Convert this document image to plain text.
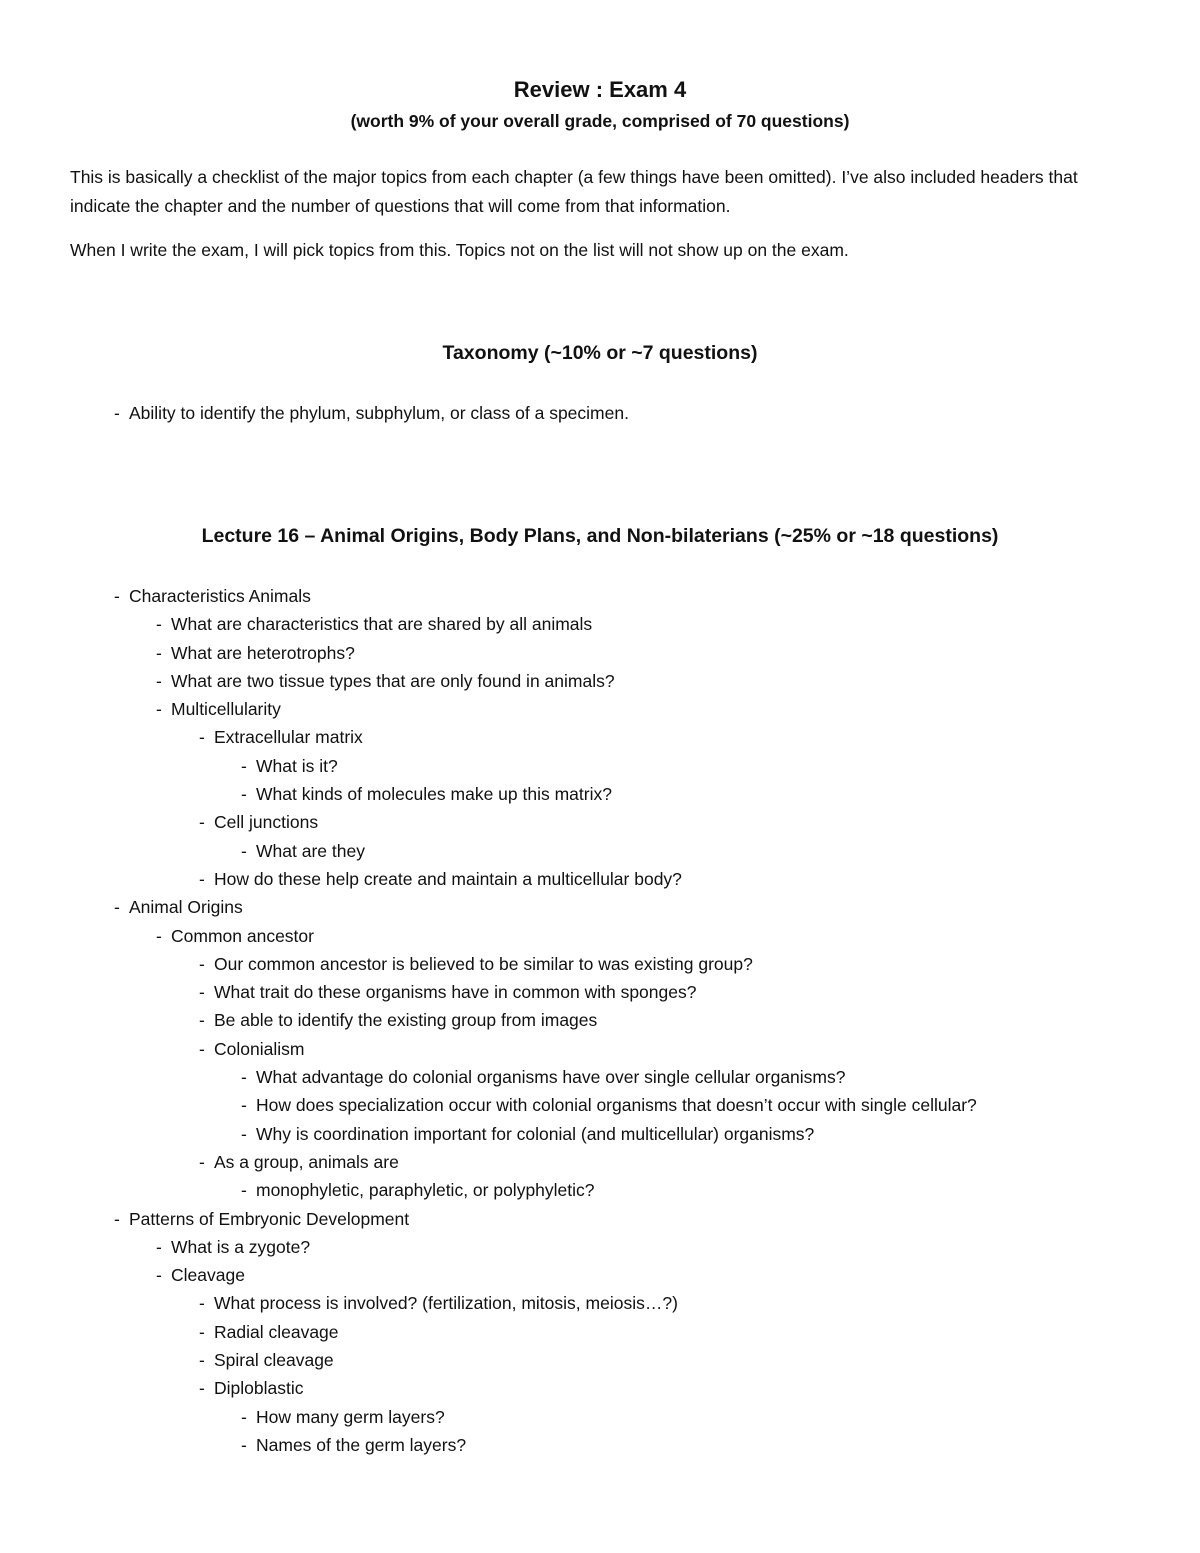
Review : Exam 4
(worth 9% of your overall grade, comprised of 70 questions)

This is basically a checklist of the major topics from each chapter (a few things have been omitted). I’ve also included headers that indicate the chapter and the number of questions that will come from that information.

When I write the exam, I will pick topics from this. Topics not on the list will not show up on the exam.

Taxonomy (~10% or ~7 questions)
- Ability to identify the phylum, subphylum, or class of a specimen.
Lecture 16 – Animal Origins, Body Plans, and Non-bilaterians (~25% or ~18 questions)
- Characteristics Animals
- What are characteristics that are shared by all animals
- What are heterotrophs?
- What are two tissue types that are only found in animals?
- Multicellularity
- Extracellular matrix
- What is it?
- What kinds of molecules make up this matrix?
- Cell junctions
- What are they
- How do these help create and maintain a multicellular body?
- Animal Origins
- Common ancestor
- Our common ancestor is believed to be similar to was existing group?
- What trait do these organisms have in common with sponges?
- Be able to identify the existing group from images
- Colonialism
- What advantage do colonial organisms have over single cellular organisms?
- How does specialization occur with colonial organisms that doesn’t occur with single cellular?
- Why is coordination important for colonial (and multicellular) organisms?
- As a group, animals are
- monophyletic, paraphyletic, or polyphyletic?
- Patterns of Embryonic Development
- What is a zygote?
- Cleavage
- What process is involved? (fertilization, mitosis, meiosis…?)
- Radial cleavage
- Spiral cleavage
- Diploblastic
- How many germ layers?
- Names of the germ layers?
